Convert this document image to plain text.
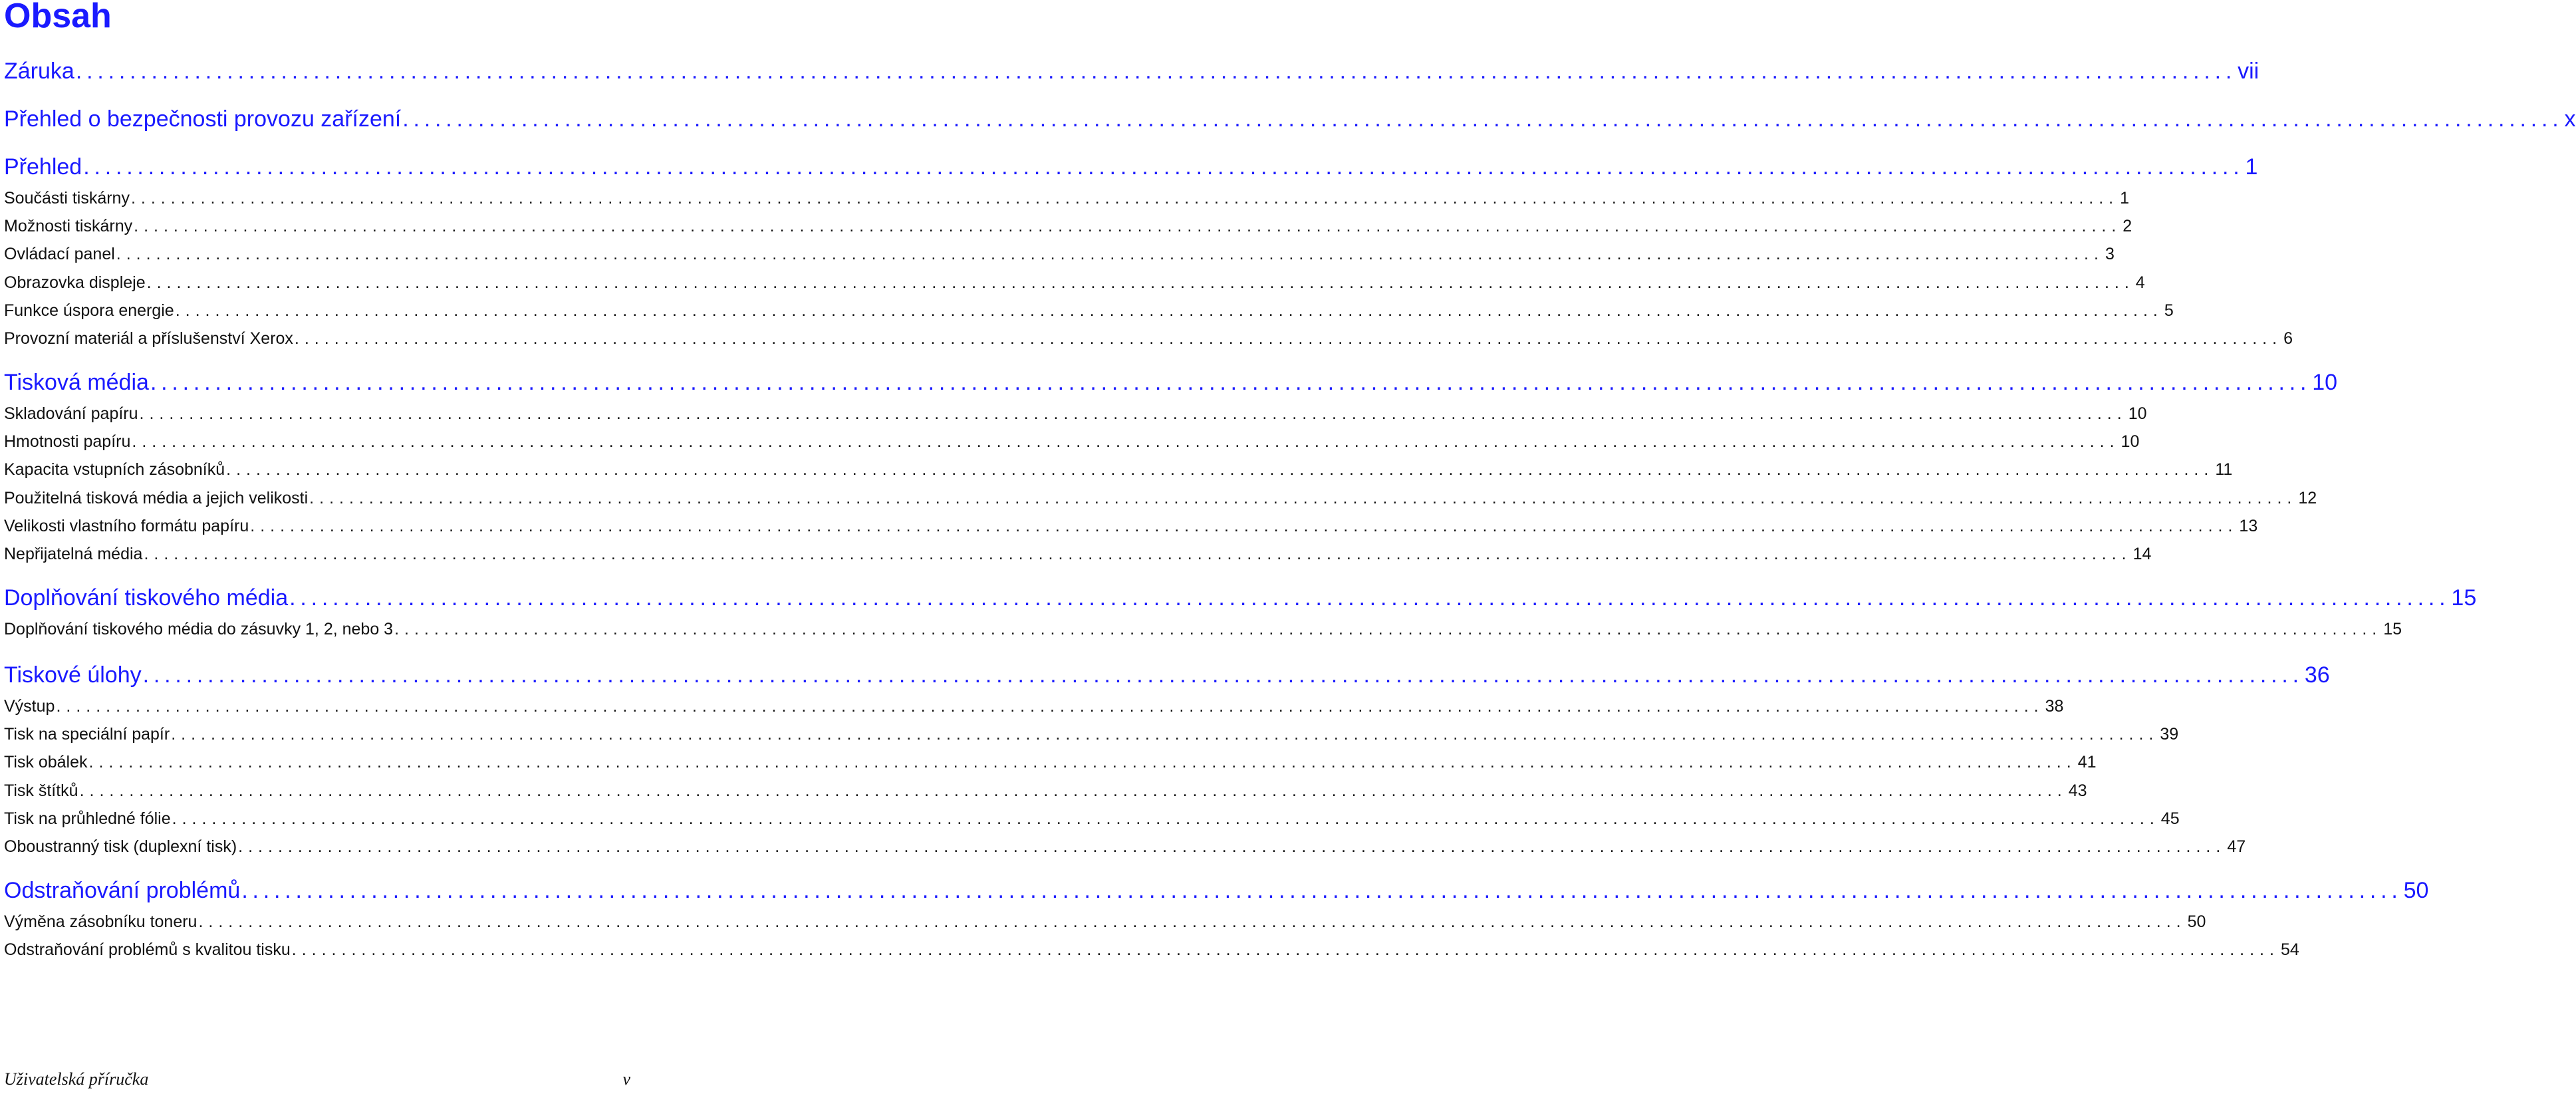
Obsah
Záruka ........................................................................................................................................................................................................ vii
Přehled o bezpečnosti provozu zařízení ........................................................................................................................................................................................................ x
Přehled ........................................................................................................................................................................................................ 1
Součásti tiskárny ........................................................................................................................................................................................................ 1
Možnosti tiskárny ........................................................................................................................................................................................................ 2
Ovládací panel ........................................................................................................................................................................................................ 3
Obrazovka displeje ........................................................................................................................................................................................................ 4
Funkce úspora energie ........................................................................................................................................................................................................ 5
Provozní materiál a příslušenství Xerox ........................................................................................................................................................................................................ 6
Tisková média ........................................................................................................................................................................................................ 10
Skladování papíru ........................................................................................................................................................................................................ 10
Hmotnosti papíru ........................................................................................................................................................................................................ 10
Kapacita vstupních zásobníků ........................................................................................................................................................................................................ 11
Použitelná tisková média a jejich velikosti ........................................................................................................................................................................................................ 12
Velikosti vlastního formátu papíru ........................................................................................................................................................................................................ 13
Nepřijatelná média ........................................................................................................................................................................................................ 14
Doplňování tiskového média ........................................................................................................................................................................................................ 15
Doplňování tiskového média do zásuvky 1, 2, nebo 3 ........................................................................................................................................................................................................ 15
Tiskové úlohy ........................................................................................................................................................................................................ 36
Výstup ........................................................................................................................................................................................................ 38
Tisk na speciální papír ........................................................................................................................................................................................................ 39
Tisk obálek ........................................................................................................................................................................................................ 41
Tisk štítků ........................................................................................................................................................................................................ 43
Tisk na průhledné fólie ........................................................................................................................................................................................................ 45
Oboustranný tisk (duplexní tisk) ........................................................................................................................................................................................................ 47
Odstraňování problémů ........................................................................................................................................................................................................ 50
Výměna zásobníku toneru ........................................................................................................................................................................................................ 50
Odstraňování problémů s kvalitou tisku ........................................................................................................................................................................................................ 54
Uživatelská příručka	v
